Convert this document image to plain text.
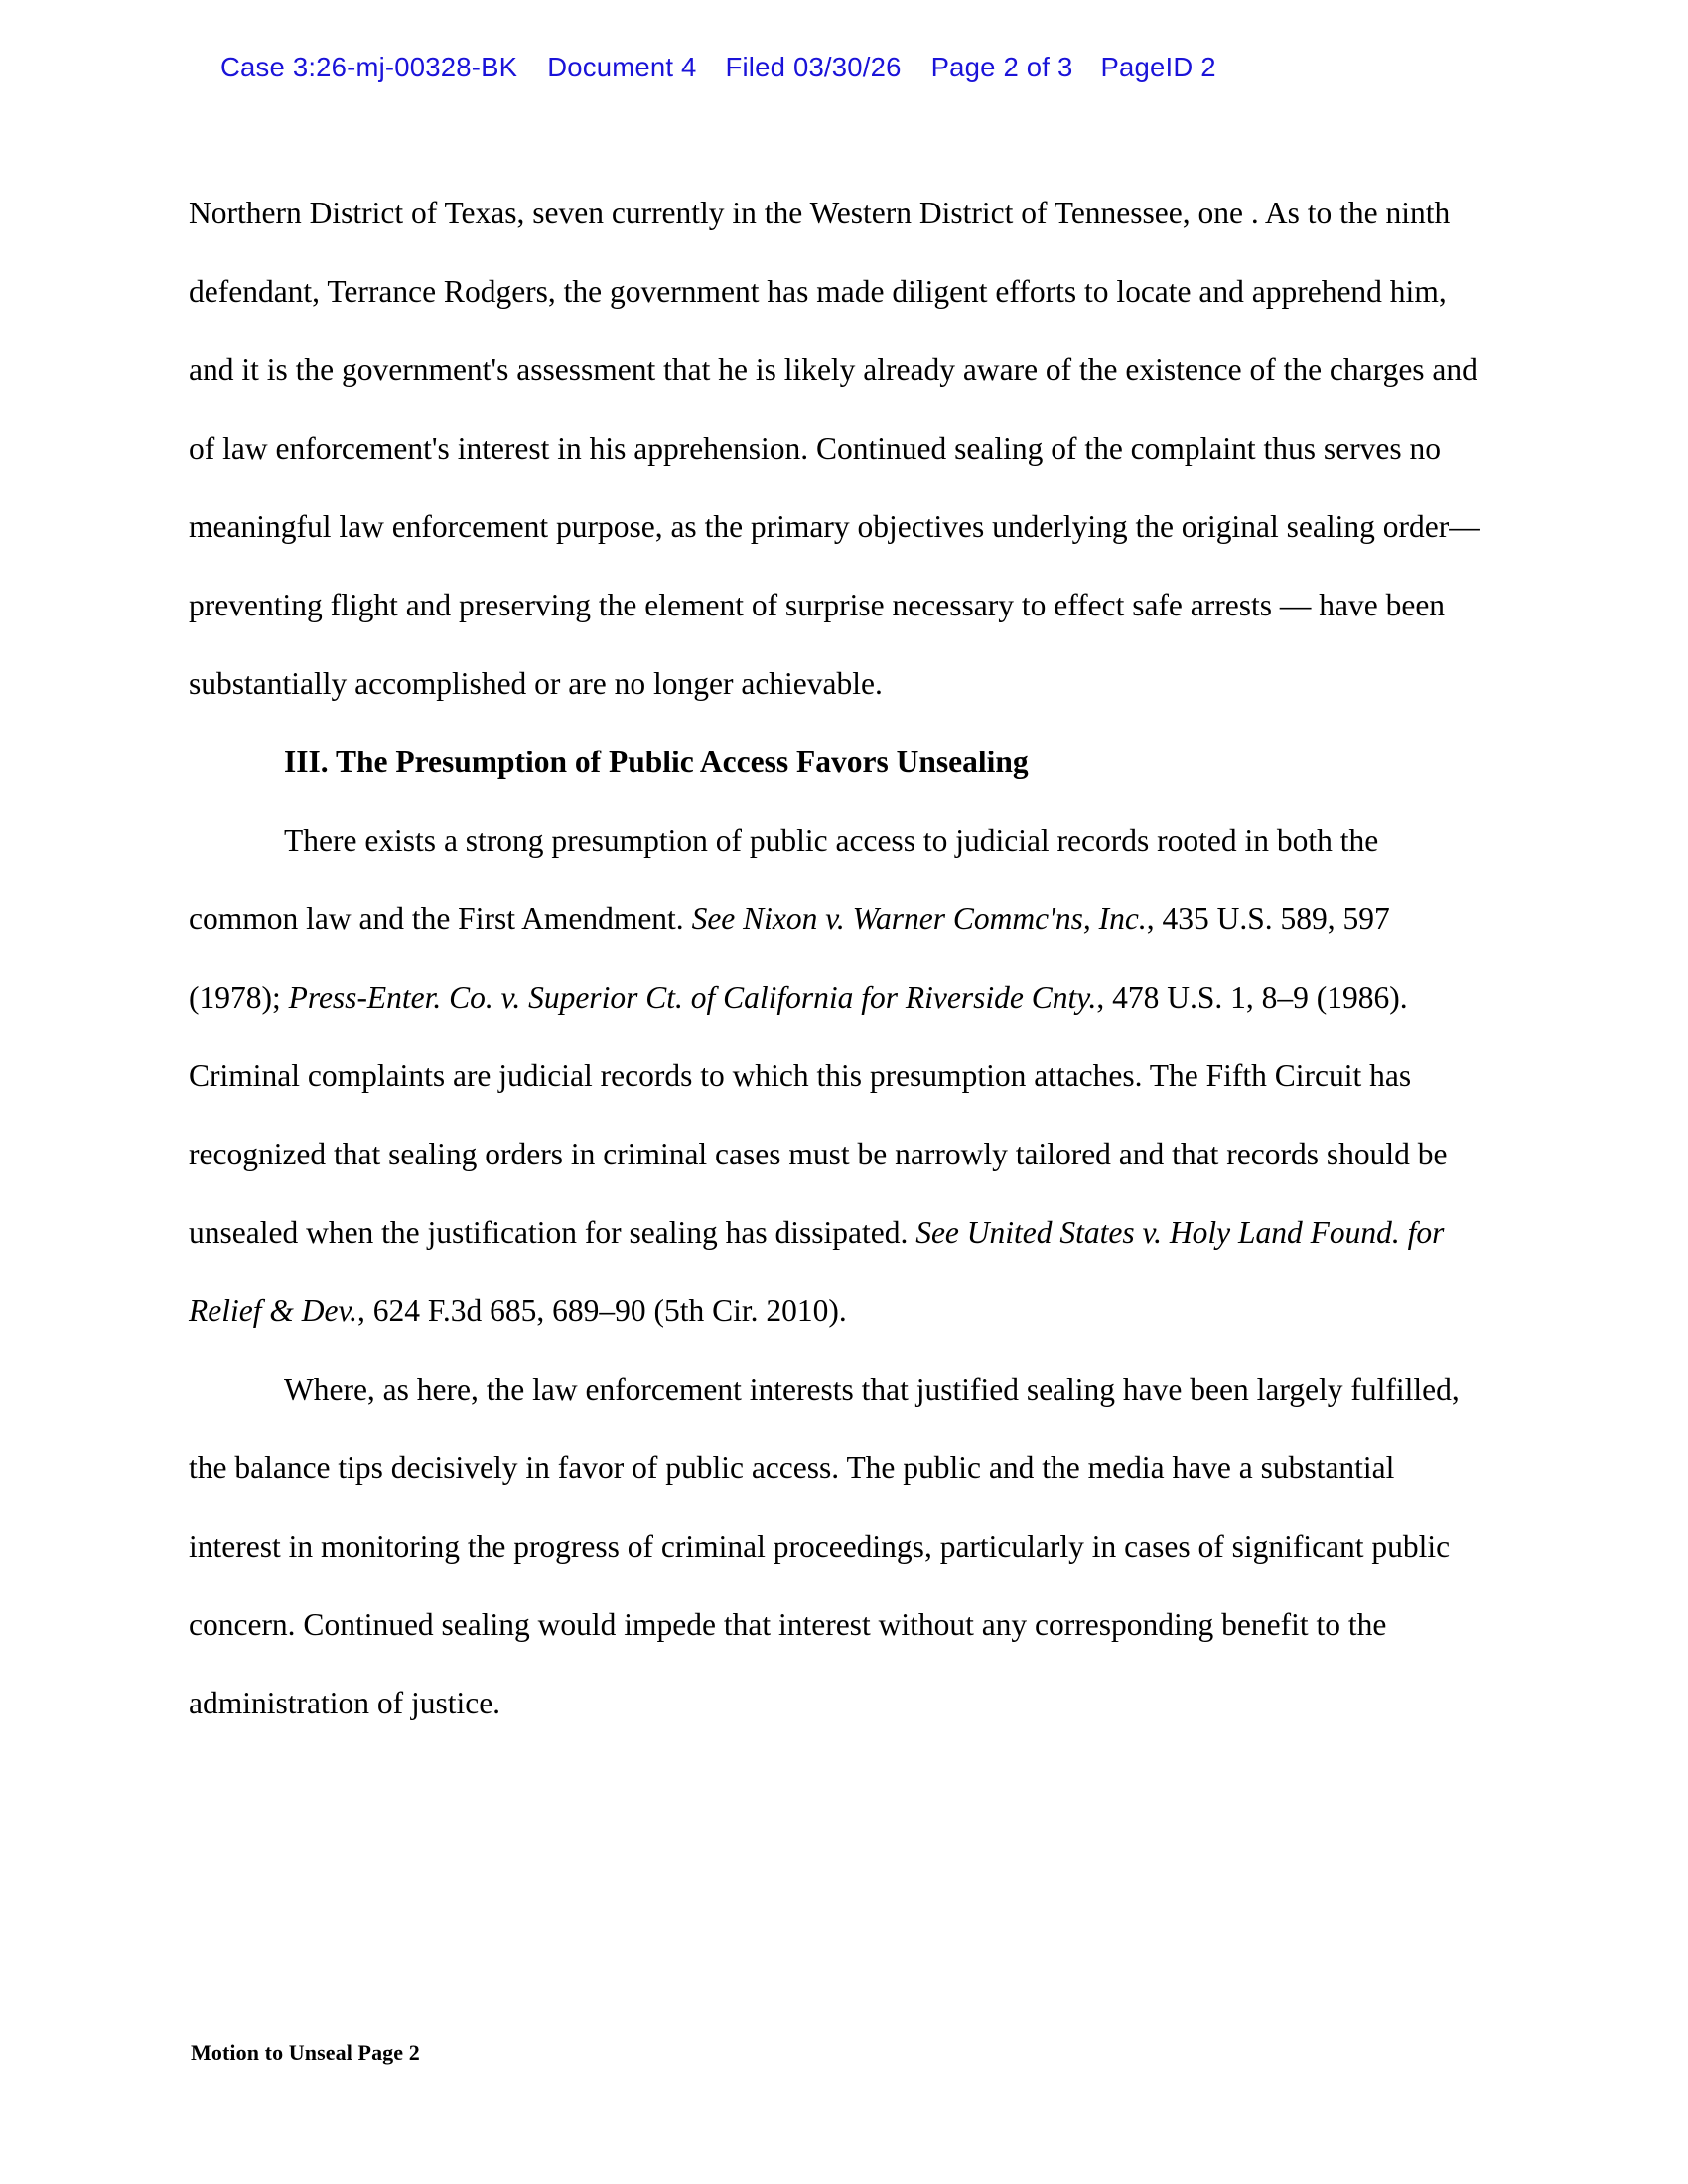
Case 3:26-mj-00328-BK Document 4 Filed 03/30/26 Page 2 of 3 PageID 2

Northern District of Texas, seven currently in the Western District of Tennessee, one . As to the ninth defendant, Terrance Rodgers, the government has made diligent efforts to locate and apprehend him, and it is the government's assessment that he is likely already aware of the existence of the charges and of law enforcement's interest in his apprehension. Continued sealing of the complaint thus serves no meaningful law enforcement purpose, as the primary objectives underlying the original sealing order—preventing flight and preserving the element of surprise necessary to effect safe arrests — have been substantially accomplished or are no longer achievable.

III. The Presumption of Public Access Favors Unsealing

There exists a strong presumption of public access to judicial records rooted in both the common law and the First Amendment. See Nixon v. Warner Commc'ns, Inc., 435 U.S. 589, 597 (1978); Press-Enter. Co. v. Superior Ct. of California for Riverside Cnty., 478 U.S. 1, 8–9 (1986). Criminal complaints are judicial records to which this presumption attaches. The Fifth Circuit has recognized that sealing orders in criminal cases must be narrowly tailored and that records should be unsealed when the justification for sealing has dissipated. See United States v. Holy Land Found. for Relief & Dev., 624 F.3d 685, 689–90 (5th Cir. 2010).

Where, as here, the law enforcement interests that justified sealing have been largely fulfilled, the balance tips decisively in favor of public access. The public and the media have a substantial interest in monitoring the progress of criminal proceedings, particularly in cases of significant public concern. Continued sealing would impede that interest without any corresponding benefit to the administration of justice.

Motion to Unseal Page 2
